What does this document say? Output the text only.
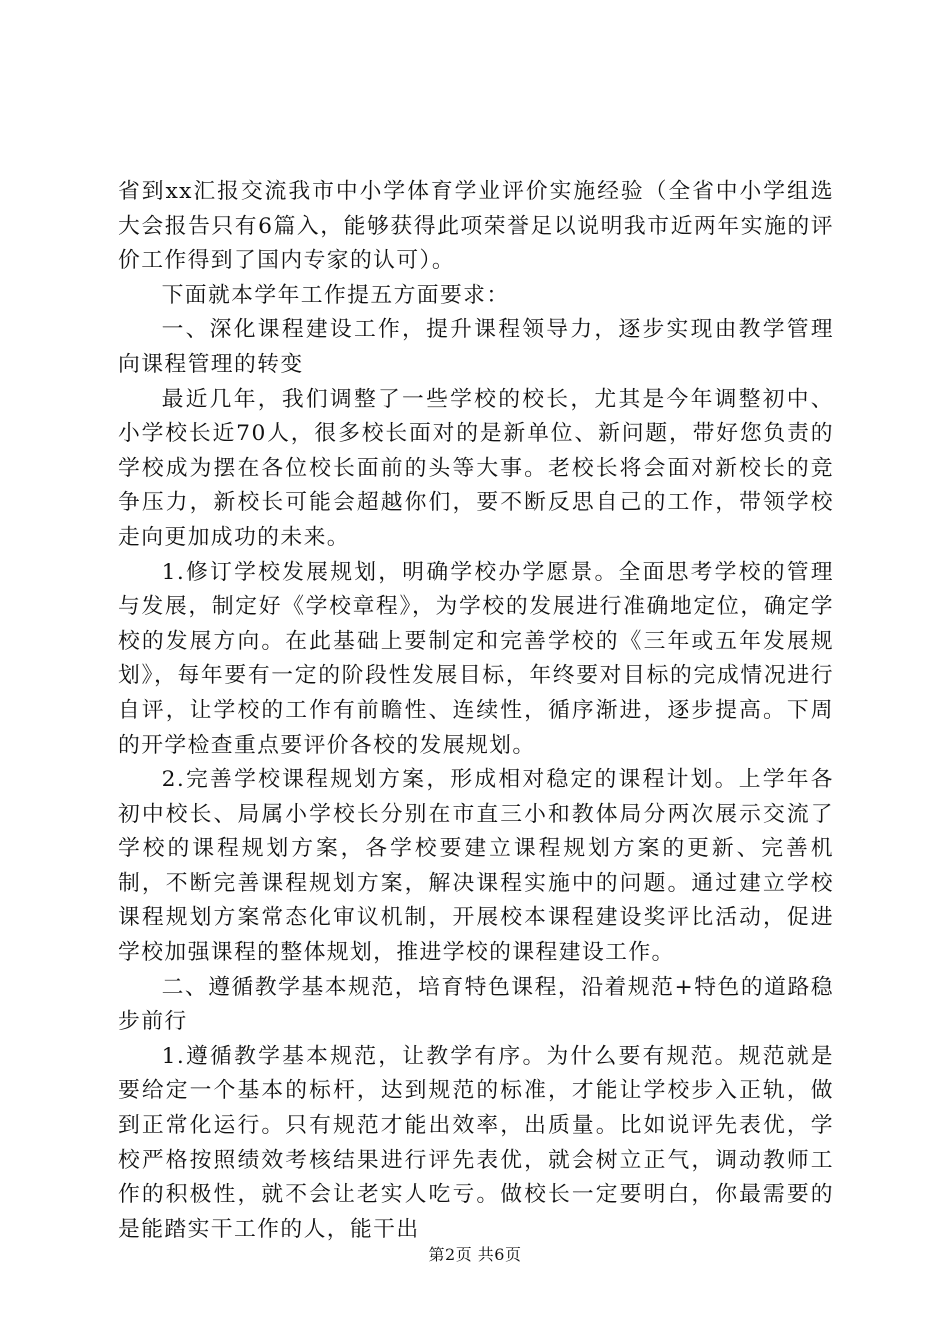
省到xx汇报交流我市中小学体育学业评价实施经验（全省中小学组选大会报告只有6篇入，能够获得此项荣誉足以说明我市近两年实施的评价工作得到了国内专家的认可）。

下面就本学年工作提五方面要求：

一、深化课程建设工作，提升课程领导力，逐步实现由教学管理向课程管理的转变

最近几年，我们调整了一些学校的校长，尤其是今年调整初中、小学校长近70人，很多校长面对的是新单位、新问题，带好您负责的学校成为摆在各位校长面前的头等大事。老校长将会面对新校长的竞争压力，新校长可能会超越你们，要不断反思自己的工作，带领学校走向更加成功的未来。

1.修订学校发展规划，明确学校办学愿景。全面思考学校的管理与发展，制定好《学校章程》，为学校的发展进行准确地定位，确定学校的发展方向。在此基础上要制定和完善学校的《三年或五年发展规划》，每年要有一定的阶段性发展目标，年终要对目标的完成情况进行自评，让学校的工作有前瞻性、连续性，循序渐进，逐步提高。下周的开学检查重点要评价各校的发展规划。

2.完善学校课程规划方案，形成相对稳定的课程计划。上学年各初中校长、局属小学校长分别在市直三小和教体局分两次展示交流了学校的课程规划方案，各学校要建立课程规划方案的更新、完善机制，不断完善课程规划方案，解决课程实施中的问题。通过建立学校课程规划方案常态化审议机制，开展校本课程建设奖评比活动，促进学校加强课程的整体规划，推进学校的课程建设工作。

二、遵循教学基本规范，培育特色课程，沿着规范+特色的道路稳步前行

1.遵循教学基本规范，让教学有序。为什么要有规范。规范就是要给定一个基本的标杆，达到规范的标准，才能让学校步入正轨，做到正常化运行。只有规范才能出效率，出质量。比如说评先表优，学校严格按照绩效考核结果进行评先表优，就会树立正气，调动教师工作的积极性，就不会让老实人吃亏。做校长一定要明白，你最需要的是能踏实干工作的人，能干出

第2页 共6页
